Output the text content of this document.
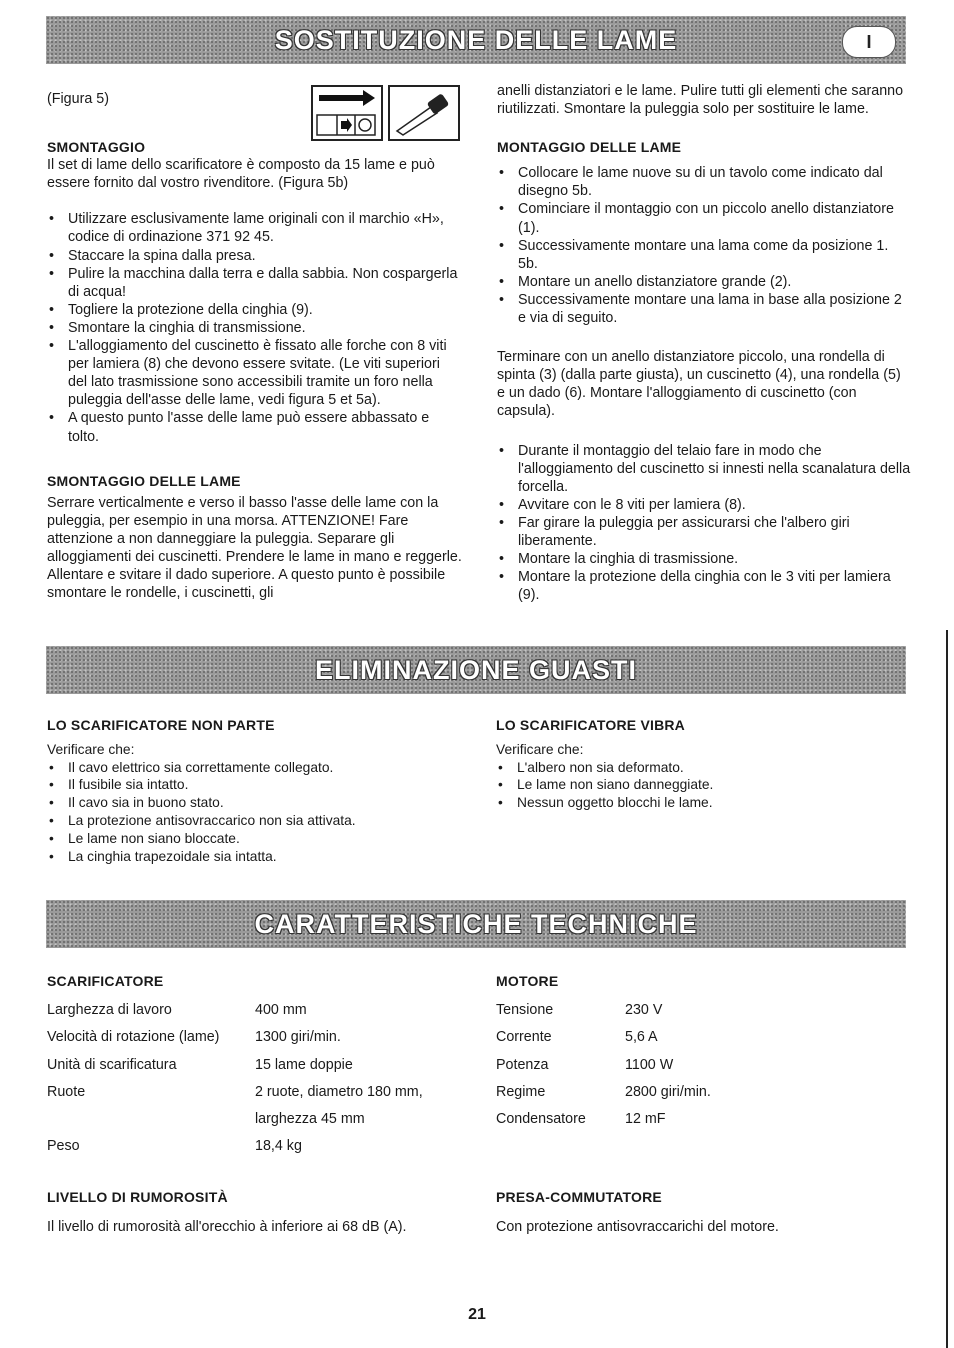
SOSTITUZIONE DELLE LAME	I

(Figura 5)

SMONTAGGIO

Il set di lame dello scarificatore è composto da 15 lame e può essere fornito dal vostro rivenditore. (Figura 5b)

• Utilizzare esclusivamente lame originali con il marchio «H», codice di ordinazione 371 92 45.
• Staccare la spina dalla presa.
• Pulire la macchina dalla terra e dalla sabbia. Non cospargerla di acqua!
• Togliere la protezione della cinghia (9).
• Smontare la cinghia di transmissione.
• L'alloggiamento del cuscinetto è fissato alle forche con 8 viti per lamiera (8) che devono essere svitate. (Le viti superiori del lato trasmissione sono accessibili tramite un foro nella puleggia dell'asse delle lame, vedi figura 5 et 5a).
• A questo punto l'asse delle lame può essere abbassato e tolto.
SMONTAGGIO DELLE LAME

Serrare verticalmente e verso il basso l'asse delle lame con la puleggia, per esempio in una morsa. ATTENZIONE! Fare attenzione a non danneggiare la puleggia. Separare gli alloggiamenti dei cuscinetti. Prendere le lame in mano e reggerle. Allentare e svitare il dado superiore. A questo punto è possibile smontare le rondelle, i cuscinetti, gli

anelli distanziatori e le lame. Pulire tutti gli elementi che saranno riutilizzati. Smontare la puleggia solo per sostituire le lame.

MONTAGGIO DELLE LAME
• Collocare le lame nuove su di un tavolo come indicato dal disegno 5b.
• Cominciare il montaggio con un piccolo anello distanziatore (1).
• Successivamente montare una lama come da posizione 1. 5b.
• Montare un anello distanziatore grande (2).
• Successivamente montare una lama in base alla posizione 2 e via di seguito.

Terminare con un anello distanziatore piccolo, una rondella di spinta (3) (dalla parte giusta), un cuscinetto (4), una rondella (5) e un dado (6). Montare l'alloggiamento di cuscinetto (con capsula).

• Durante il montaggio del telaio fare in modo che l'alloggiamento del cuscinetto si innesti nella scanalatura della forcella.
• Avvitare con le 8 viti per lamiera (8).
• Far girare la puleggia per assicurarsi che l'albero giri liberamente.
• Montare la cinghia di trasmissione.
• Montare la protezione della cinghia con le 3 viti per lamiera (9).
ELIMINAZIONE GUASTI
LO SCARIFICATORE NON PARTE

Verificare che:

• Il cavo elettrico sia correttamente collegato.
• Il fusibile sia intatto.
• Il cavo sia in buono stato.
• La protezione antisovraccarico non sia attivata.
• Le lame non siano bloccate.
• La cinghia trapezoidale sia intatta.
LO SCARIFICATORE VIBRA

Verificare che:

• L'albero non sia deformato.
• Le lame non siano danneggiate.
• Nessun oggetto blocchi le lame.
CARATTERISTICHE TECHNICHE
SCARIFICATORE
Larghezza di lavoro	400 mm
Velocità di rotazione (lame)	1300 giri/min.
Unità di scarificatura	15 lame doppie
Ruote	2 ruote, diametro 180 mm,
larghezza 45 mm
Peso	18,4 kg
MOTORE
Tensione	230 V
Corrente	5,6 A
Potenza	1100 W
Regime	2800 giri/min.
Condensatore	12 mF
LIVELLO DI RUMOROSITÀ

Il livello di rumorosità all'orecchio à inferiore ai 68 dB (A).

PRESA-COMMUTATORE

Con protezione antisovraccarichi del motore.

21
